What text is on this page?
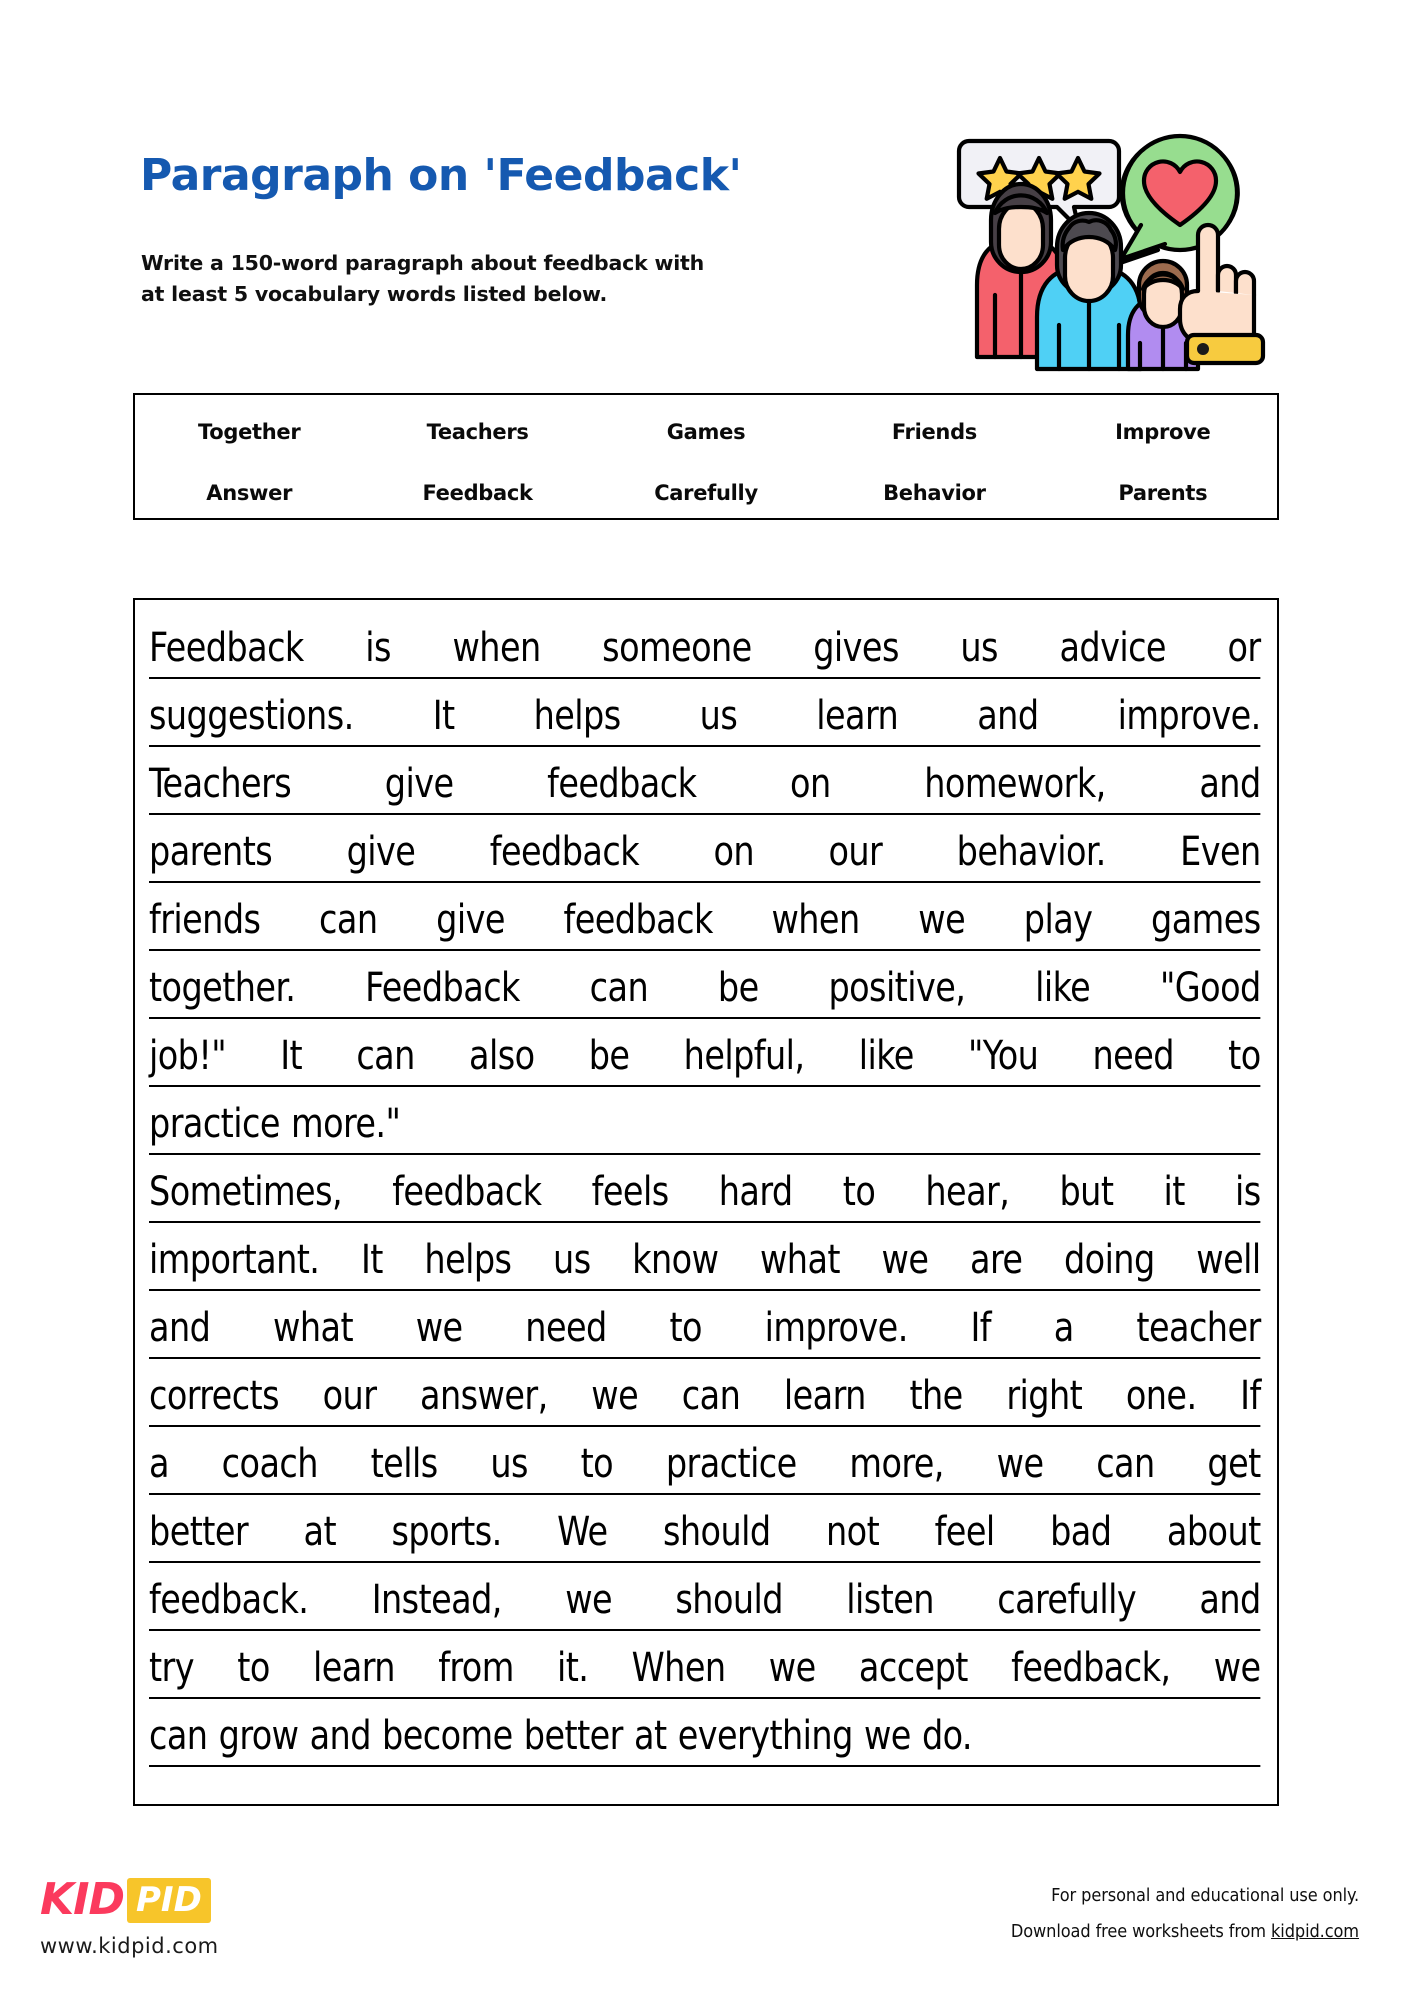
Paragraph on 'Feedback'
Write a 150-word paragraph about feedback with
at least 5 vocabulary words listed below.
Together	Teachers	Games	Friends	Improve
Answer	Feedback	Carefully	Behavior	Parents
Feedback is when someone gives us advice or
suggestions. It helps us learn and improve.
Teachers give feedback on homework, and
parents give feedback on our behavior. Even
friends can give feedback when we play games
together. Feedback can be positive, like "Good
job!" It can also be helpful, like "You need to
practice more."
Sometimes, feedback feels hard to hear, but it is
important. It helps us know what we are doing well
and what we need to improve. If a teacher
corrects our answer, we can learn the right one. If
a coach tells us to practice more, we can get
better at sports. We should not feel bad about
feedback. Instead, we should listen carefully and
try to learn from it. When we accept feedback, we
can grow and become better at everything we do.
KID PID
www.kidpid.com
For personal and educational use only.
Download free worksheets from kidpid.com
